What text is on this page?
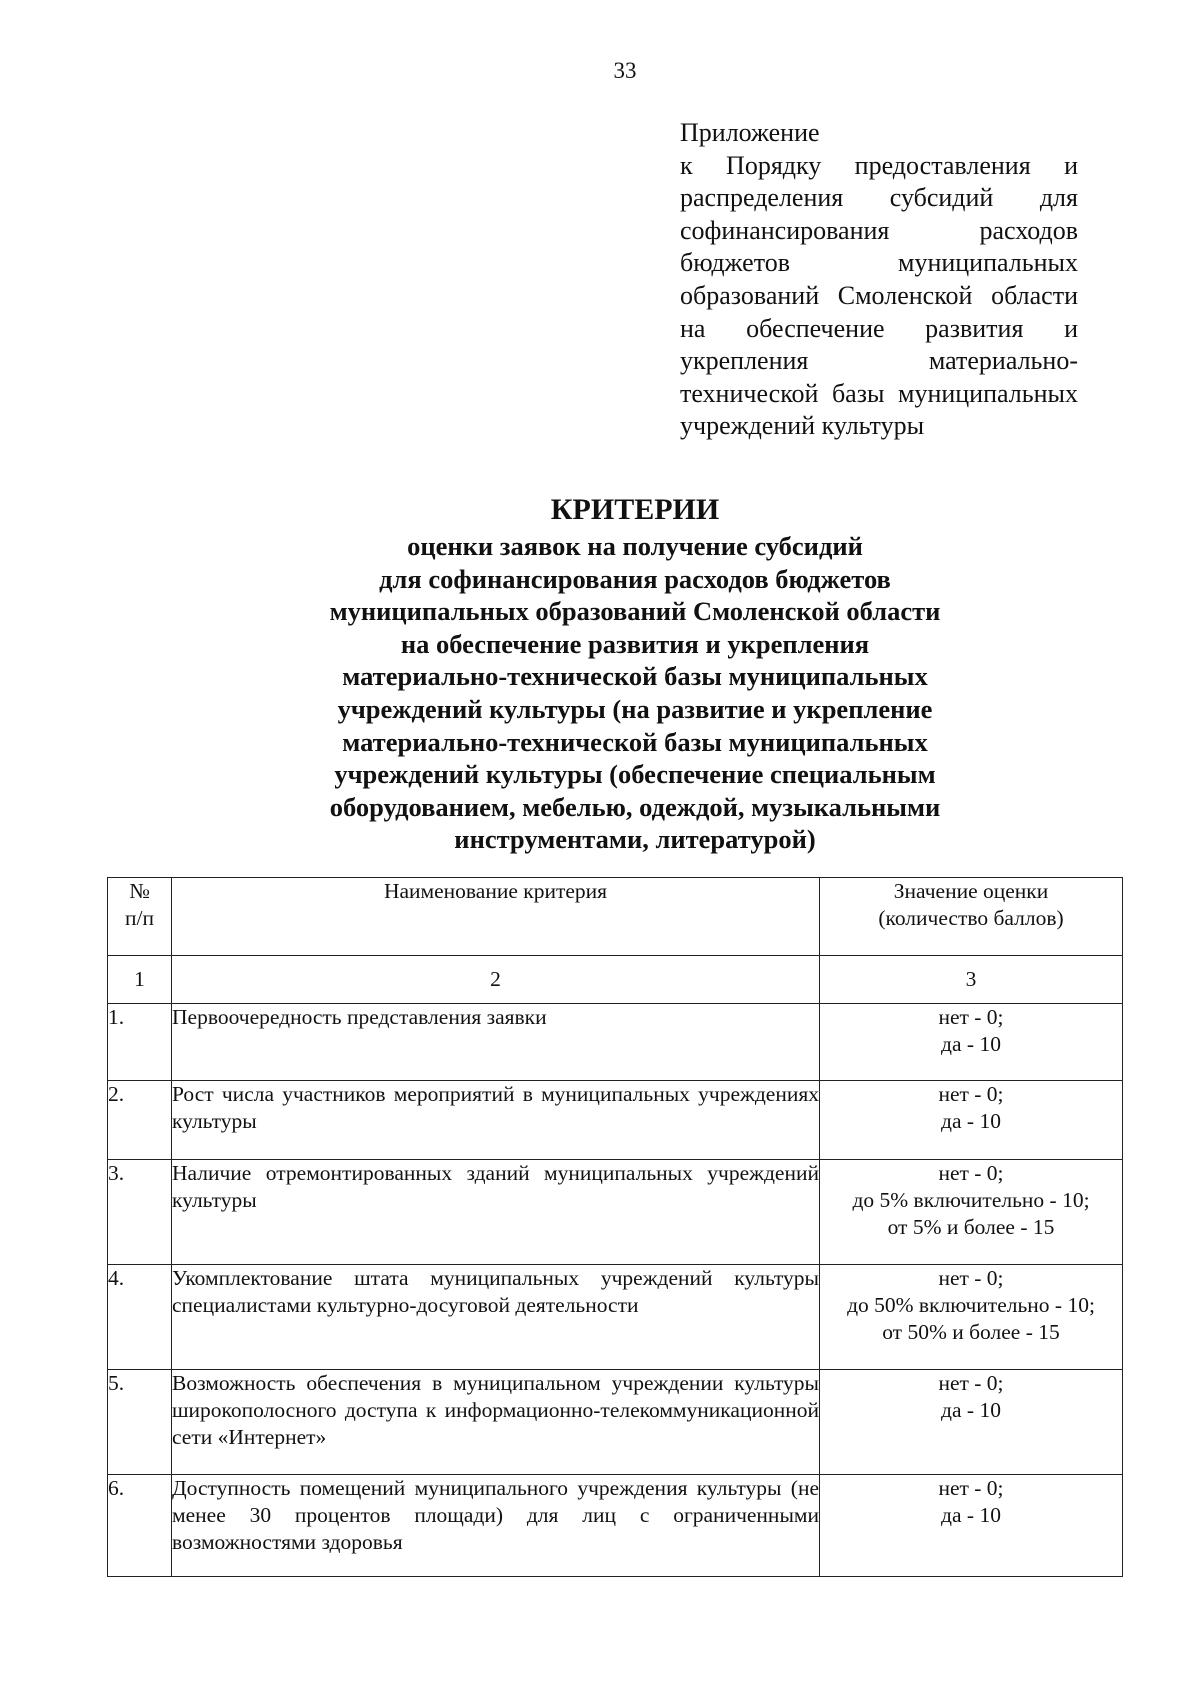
33
Приложение
к Порядку предоставления и распределения субсидий для софинансирования расходов бюджетов муниципальных образований Смоленской области на обеспечение развития и укрепления материально-технической базы муниципальных учреждений культуры
КРИТЕРИИ
оценки заявок на получение субсидий
для софинансирования расходов бюджетов
муниципальных образований Смоленской области
на обеспечение развития и укрепления
материально-технической базы муниципальных
учреждений культуры (на развитие и укрепление
материально-технической базы муниципальных
учреждений культуры (обеспечение специальным
оборудованием, мебелью, одеждой, музыкальными
инструментами, литературой)
№
п/п	Наименование критерия	Значение оценки
(количество баллов)

1	2	3
1.	Первоочередность представления заявки	нет - 0;
да - 10

2.	Рост числа участников мероприятий в муниципальных учреждениях культуры	нет - 0;
да - 10

3.	Наличие отремонтированных зданий муниципальных учреждений культуры	нет - 0;
до 5% включительно - 10;
от 5% и более - 15

4.	Укомплектование штата муниципальных учреждений культуры специалистами культурно-досуговой деятельности	нет - 0;
до 50% включительно - 10;
от 50% и более - 15

5.	Возможность обеспечения в муниципальном учреждении культуры широкополосного доступа к информационно-телекоммуникационной сети «Интернет»	нет - 0;
да - 10

6.	Доступность помещений муниципального учреждения культуры (не менее 30 процентов площади) для лиц с ограниченными возможностями здоровья	нет - 0;
да - 10
